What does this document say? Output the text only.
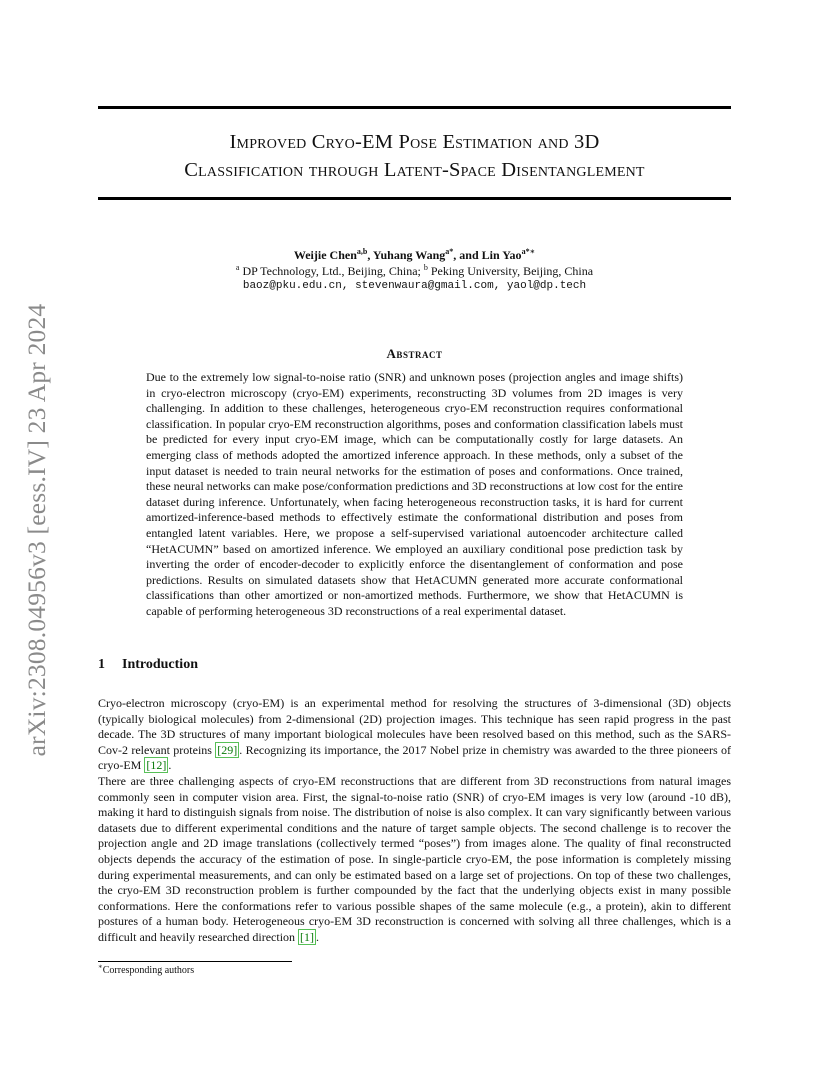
arXiv:2308.04956v3 [eess.IV] 23 Apr 2024
Improved Cryo-EM Pose Estimation and 3D
Classification through Latent-Space Disentanglement
Weijie Chen$^{a,b}$, Yuhang Wang$^{a*}$, and Lin Yao$^{a*∗}$
$^a$ DP Technology, Ltd., Beijing, China; $^b$ Peking University, Beijing, China
baoz@pku.edu.cn, stevenwaura@gmail.com, yaol@dp.tech
Abstract

Due to the extremely low signal-to-noise ratio (SNR) and unknown poses (projection angles and image shifts) in cryo-electron microscopy (cryo-EM) experiments, reconstructing 3D volumes from 2D images is very challenging. In addition to these challenges, heterogeneous cryo-EM reconstruction requires conformational classification. In popular cryo-EM reconstruction algorithms, poses and conformation classification labels must be predicted for every input cryo-EM image, which can be computationally costly for large datasets. An emerging class of methods adopted the amortized inference approach. In these methods, only a subset of the input dataset is needed to train neural networks for the estimation of poses and conformations. Once trained, these neural networks can make pose/conformation predictions and 3D reconstructions at low cost for the entire dataset during inference. Unfortunately, when facing heterogeneous reconstruction tasks, it is hard for current amortized-inference-based methods to effectively estimate the conformational distribution and poses from entangled latent variables. Here, we propose a self-supervised variational autoencoder architecture called “HetACUMN” based on amortized inference. We employed an auxiliary conditional pose prediction task by inverting the order of encoder-decoder to explicitly enforce the disentanglement of conformation and pose predictions. Results on simulated datasets show that HetACUMN generated more accurate conformational classifications than other amortized or non-amortized methods. Furthermore, we show that HetACUMN is capable of performing heterogeneous 3D reconstructions of a real experimental dataset.

1 Introduction

Cryo-electron microscopy (cryo-EM) is an experimental method for resolving the structures of 3-dimensional (3D) objects (typically biological molecules) from 2-dimensional (2D) projection images. This technique has seen rapid progress in the past decade. The 3D structures of many important biological molecules have been resolved based on this method, such as the SARS-Cov-2 relevant proteins [29] . Recognizing its importance, the 2017 Nobel prize in chemistry was awarded to the three pioneers of cryo-EM [12] .

There are three challenging aspects of cryo-EM reconstructions that are different from 3D reconstructions from natural images commonly seen in computer vision area. First, the signal-to-noise ratio (SNR) of cryo-EM images is very low (around -10 dB), making it hard to distinguish signals from noise. The distribution of noise is also complex. It can vary significantly between various datasets due to different experimental conditions and the nature of target sample objects. The second challenge is to recover the projection angle and 2D image translations (collectively termed “poses”) from images alone. The quality of final reconstructed objects depends the accuracy of the estimation of pose. In single-particle cryo-EM, the pose information is completely missing during experimental measurements, and can only be estimated based on a large set of projections. On top of these two challenges, the cryo-EM 3D reconstruction problem is further compounded by the fact that the underlying objects exist in many possible conformations. Here the conformations refer to various possible shapes of the same molecule (e.g., a protein), akin to different postures of a human body. Heterogeneous cryo-EM 3D reconstruction is concerned with solving all three challenges, which is a difficult and heavily researched direction [1] .

∗Corresponding authors
